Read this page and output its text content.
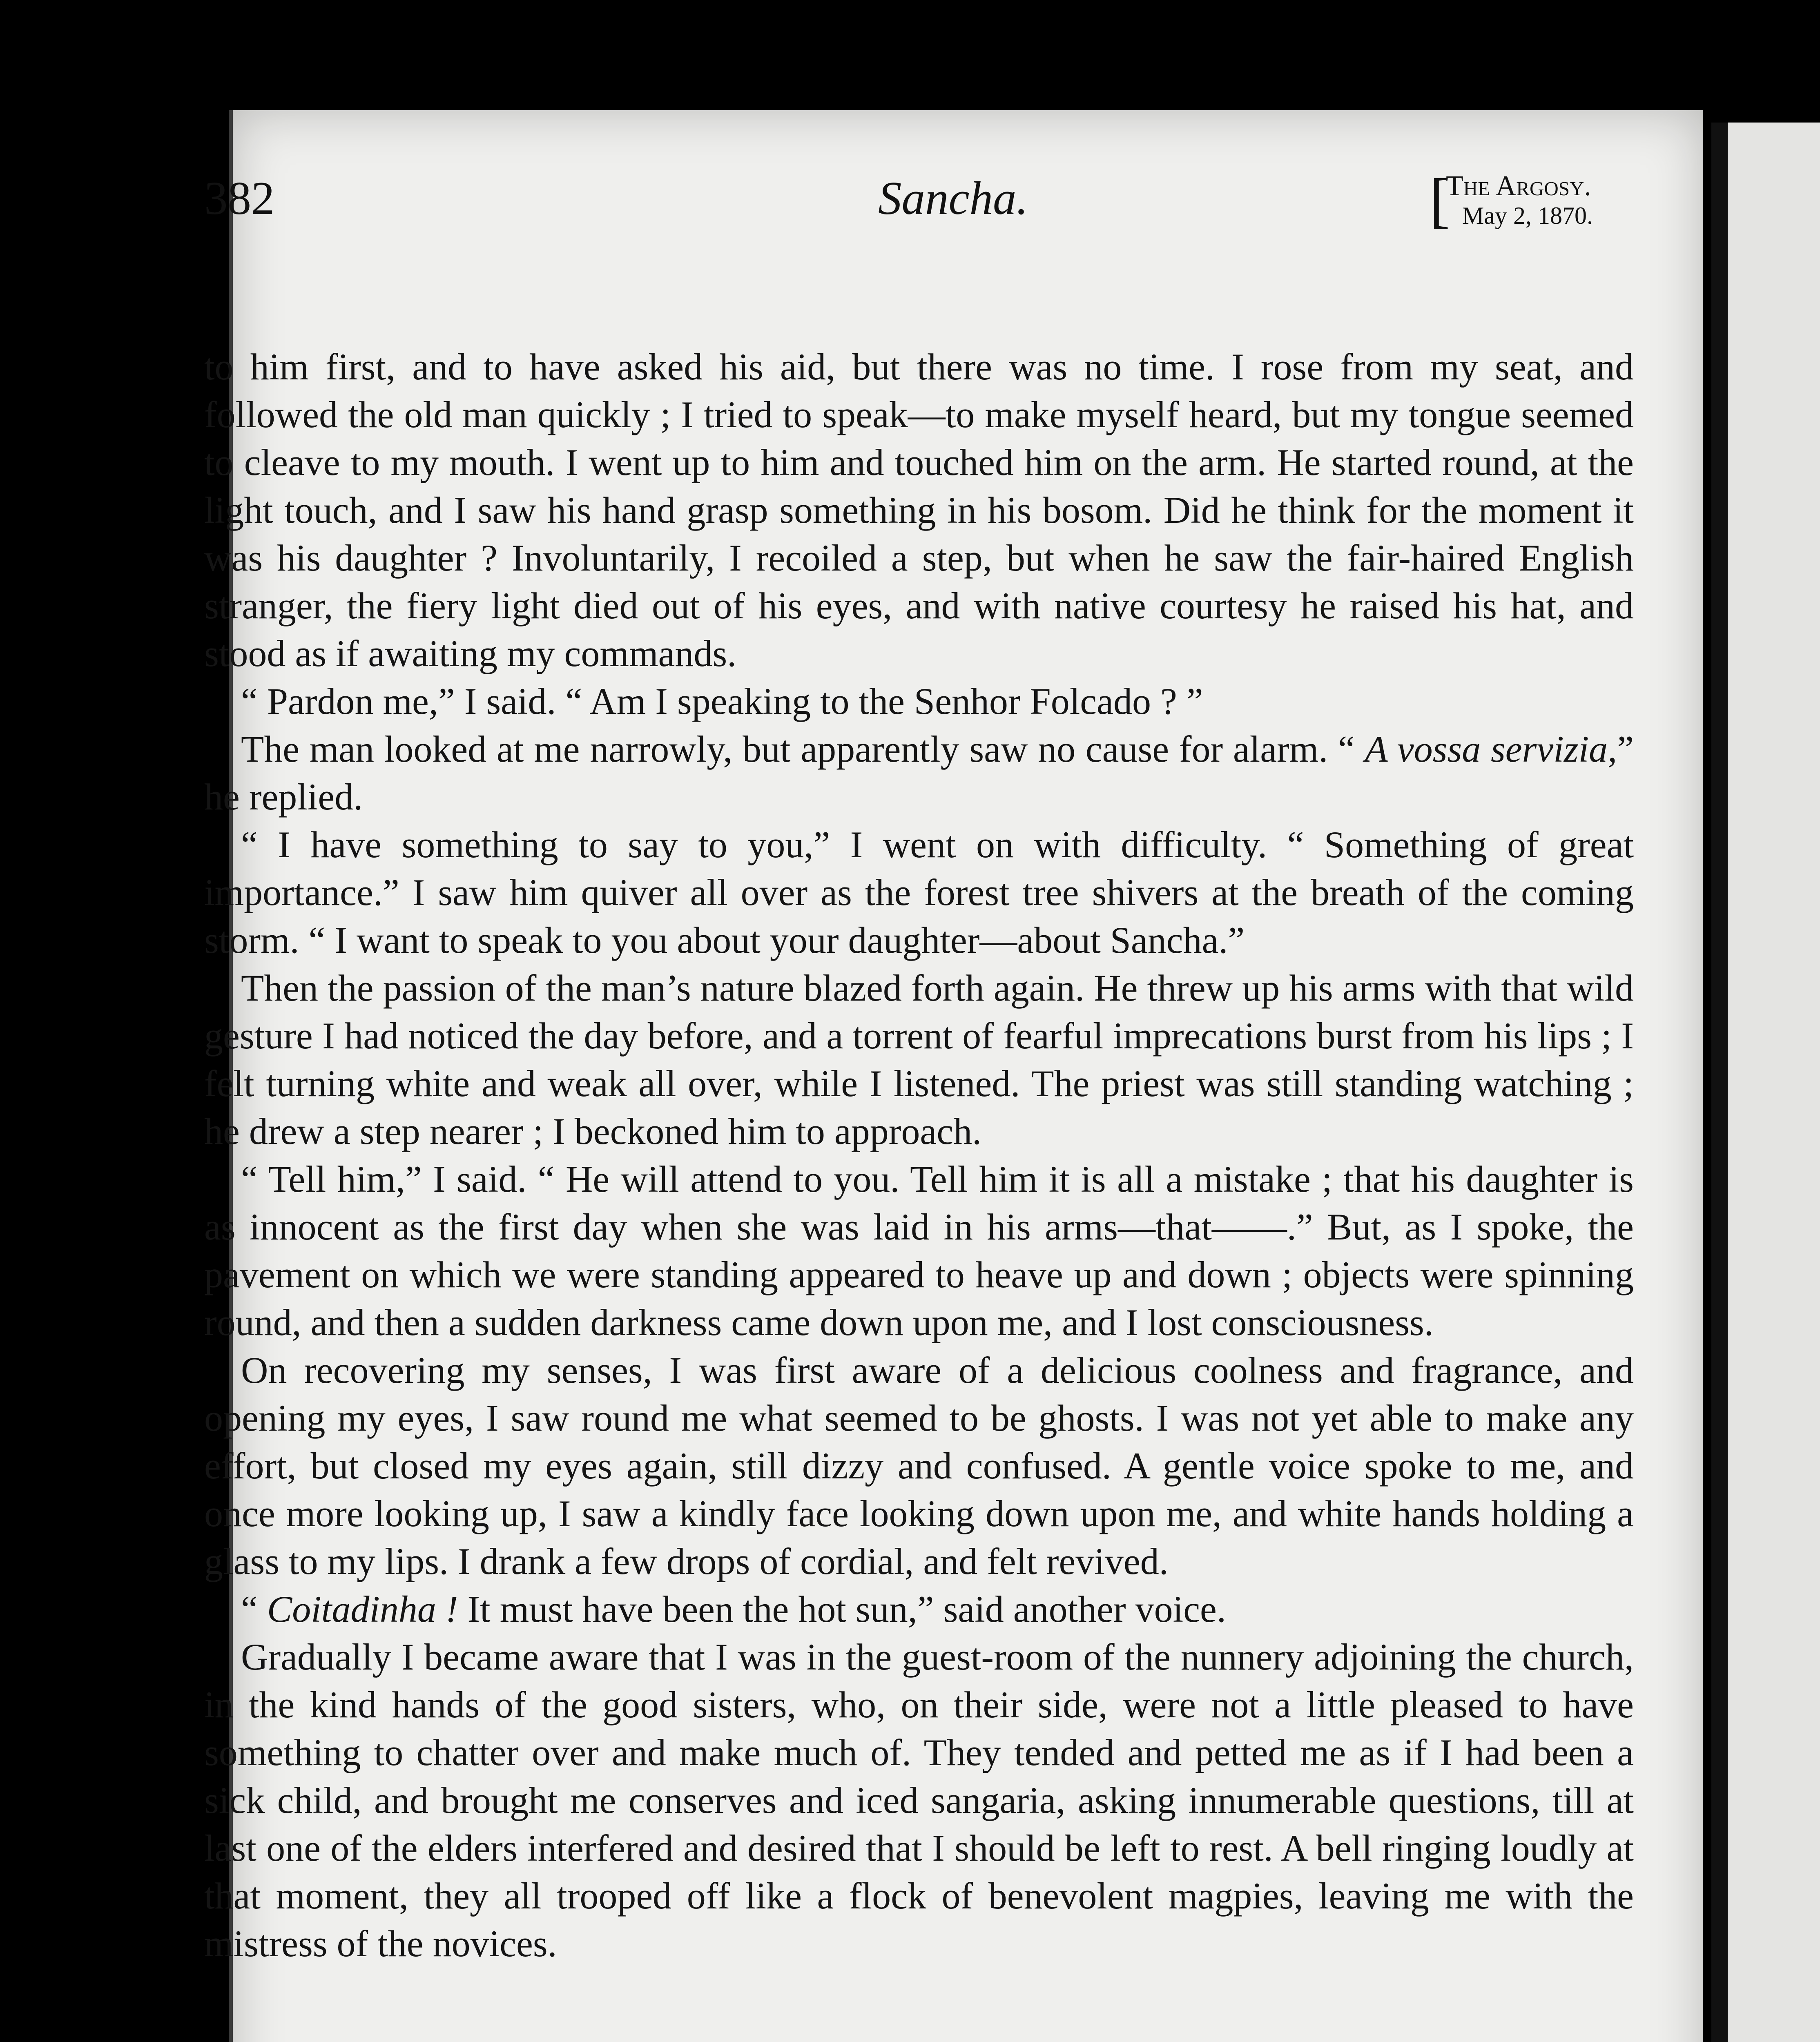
382	Sancha.	[
The Argosy.
May 2, 1870.

to him first, and to have asked his aid, but there was no time. I rose from my seat, and followed the old man quickly ; I tried to speak—to make myself heard, but my tongue seemed to cleave to my mouth. I went up to him and touched him on the arm. He started round, at the light touch, and I saw his hand grasp something in his bosom. Did he think for the moment it was his daughter ? Involuntarily, I recoiled a step, but when he saw the fair-haired English stranger, the fiery light died out of his eyes, and with native courtesy he raised his hat, and stood as if awaiting my commands.

“ Pardon me,” I said. “ Am I speaking to the Senhor Folcado ? ”

The man looked at me narrowly, but apparently saw no cause for alarm. “ A vossa servizia,” he replied.

“ I have something to say to you,” I went on with difficulty. “ Something of great importance.” I saw him quiver all over as the forest tree shivers at the breath of the coming storm. “ I want to speak to you about your daughter—about Sancha.”

Then the passion of the man’s nature blazed forth again. He threw up his arms with that wild gesture I had noticed the day before, and a torrent of fearful imprecations burst from his lips ; I felt turning white and weak all over, while I listened. The priest was still standing watching ; he drew a step nearer ; I beckoned him to approach.

“ Tell him,” I said. “ He will attend to you. Tell him it is all a mistake ; that his daughter is as innocent as the first day when she was laid in his arms—that——.” But, as I spoke, the pavement on which we were standing appeared to heave up and down ; objects were spinning round, and then a sudden darkness came down upon me, and I lost consciousness.

On recovering my senses, I was first aware of a delicious coolness and fragrance, and opening my eyes, I saw round me what seemed to be ghosts. I was not yet able to make any effort, but closed my eyes again, still dizzy and confused. A gentle voice spoke to me, and once more looking up, I saw a kindly face looking down upon me, and white hands holding a glass to my lips. I drank a few drops of cordial, and felt revived.

“ Coitadinha ! It must have been the hot sun,” said another voice.

Gradually I became aware that I was in the guest-room of the nunnery adjoining the church, in the kind hands of the good sisters, who, on their side, were not a little pleased to have something to chatter over and make much of. They tended and petted me as if I had been a sick child, and brought me conserves and iced sangaria, asking innumerable questions, till at last one of the elders interfered and desired that I should be left to rest. A bell ringing loudly at that moment, they all trooped off like a flock of benevolent magpies, leaving me with the mistress of the novices.
